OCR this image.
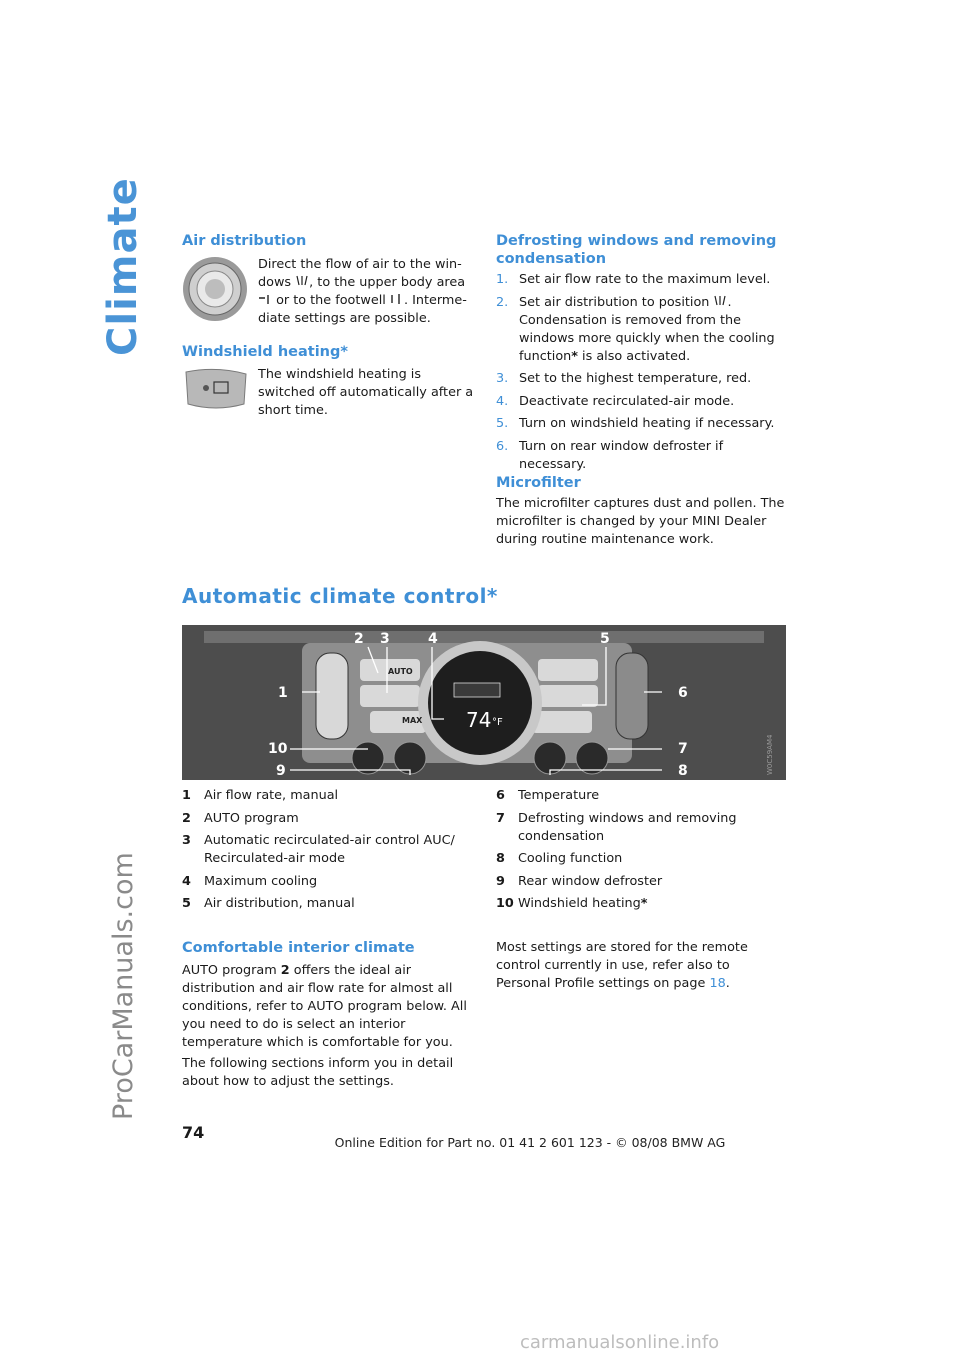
Climate
ProCarManuals.com
Air distribution

Direct the flow of air to the win-

dows , to the upper body area

or to the footwell . Interme-

diate settings are possible.

Windshield heating*

The windshield heating is switched off automatically after a short time.

Defrosting windows and removing
condensation
1. Set air flow rate to the maximum level.
2. Set air distribution to position .
Condensation is removed from the windows more quickly when the cooling function* is also activated.
3. Set to the highest temperature, red.
4. Deactivate recirculated-air mode.
5. Turn on windshield heating if necessary.
6. Turn on rear window defroster if necessary.
Microfilter

The microfilter captures dust and pollen. The microfilter is changed by your MINI Dealer during routine maintenance work.

Automatic climate control*
1
2 3	4	5
6
7
8
9
10
AUTO
MAX 74 °F
W0C59AM4
1 Air flow rate, manual
2 AUTO program
3 Automatic recirculated-air control AUC/ Recirculated-air mode
4 Maximum cooling
5 Air distribution, manual
6 Temperature
7 Defrosting windows and removing condensation
8 Cooling function
9 Rear window defroster
10 Windshield heating*
Comfortable interior climate

AUTO program 2 offers the ideal air distribution and air flow rate for almost all conditions, refer to AUTO program below. All you need to do is select an interior temperature which is comfortable for you.

The following sections inform you in detail about how to adjust the settings.

Most settings are stored for the remote control currently in use, refer also to Personal Profile settings on page 18.

74
Online Edition for Part no. 01 41 2 601 123 - © 08/08 BMW AG
carmanualsonline.info
